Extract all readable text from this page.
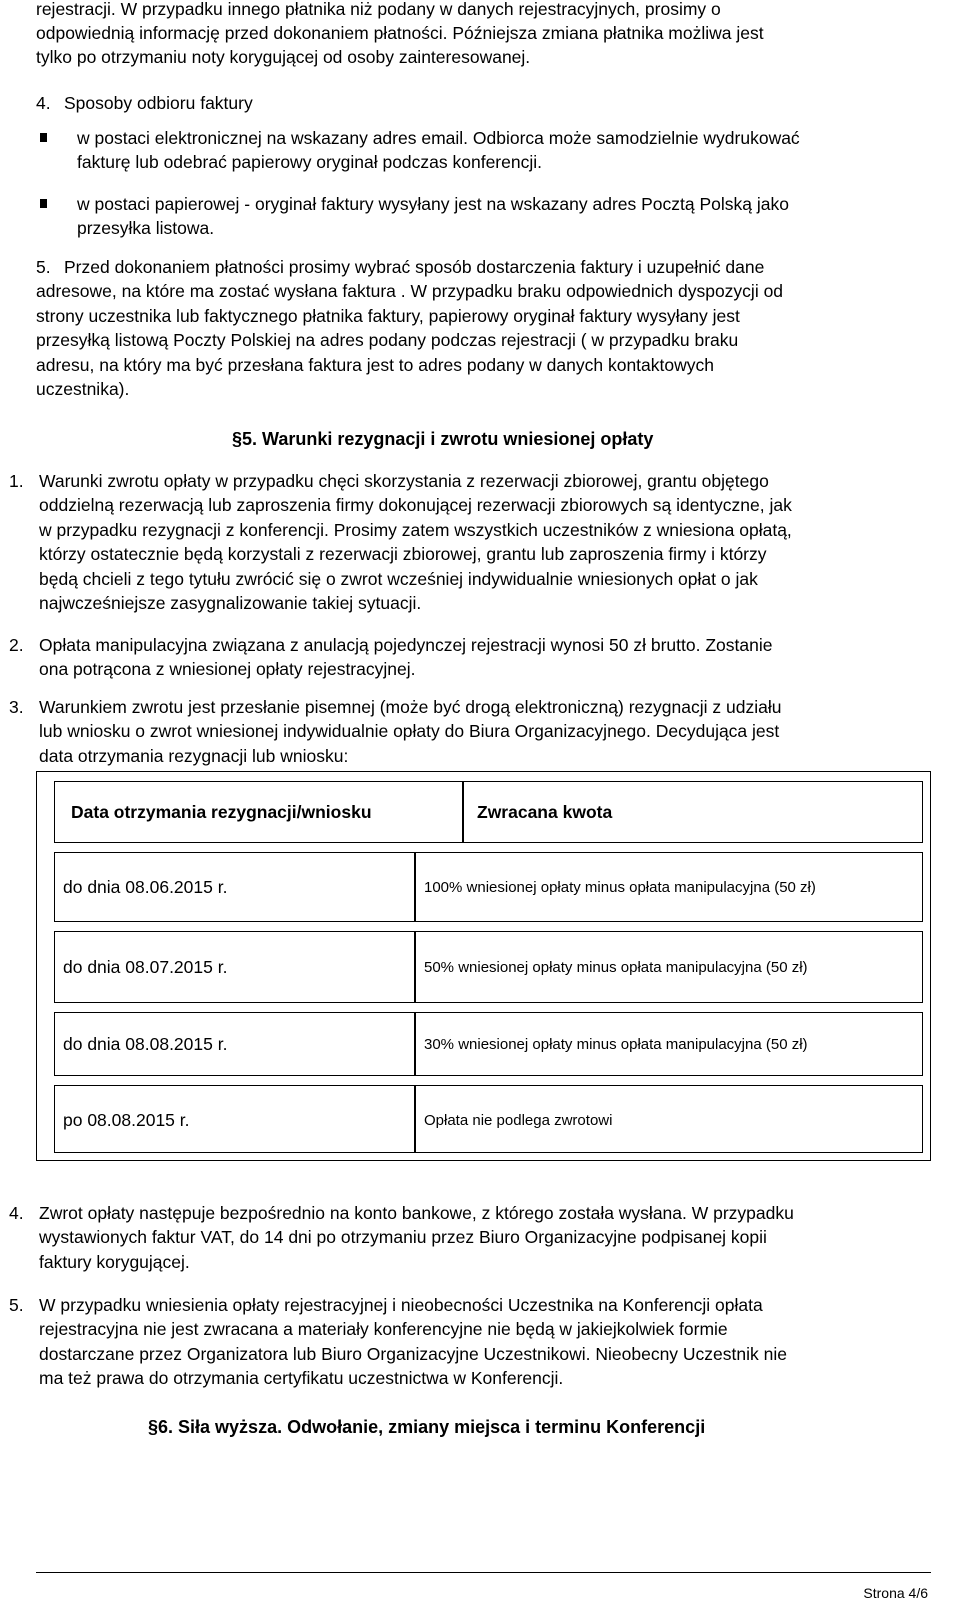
rejestracji. W przypadku innego płatnika niż podany w danych rejestracyjnych, prosimy o
odpowiednią informację przed dokonaniem płatności. Późniejsza zmiana płatnika możliwa jest
tylko po otrzymaniu noty korygującej od osoby zainteresowanej.
4. Sposoby odbioru faktury
w postaci elektronicznej na wskazany adres email. Odbiorca może samodzielnie wydrukować
fakturę lub odebrać papierowy oryginał podczas konferencji.
w postaci papierowej - oryginał faktury wysyłany jest na wskazany adres Pocztą Polską jako
przesyłka listowa.
5. Przed dokonaniem płatności prosimy wybrać sposób dostarczenia faktury i uzupełnić dane
adresowe, na które ma zostać wysłana faktura . W przypadku braku odpowiednich dyspozycji od
strony uczestnika lub faktycznego płatnika faktury, papierowy oryginał faktury wysyłany jest
przesyłką listową Poczty Polskiej na adres podany podczas rejestracji ( w przypadku braku
adresu, na który ma być przesłana faktura jest to adres podany w danych kontaktowych
uczestnika).
§5. Warunki rezygnacji i zwrotu wniesionej opłaty
1. Warunki zwrotu opłaty w przypadku chęci skorzystania z rezerwacji zbiorowej, grantu objętego
oddzielną rezerwacją lub zaproszenia firmy dokonującej rezerwacji zbiorowych są identyczne, jak
w przypadku rezygnacji z konferencji. Prosimy zatem wszystkich uczestników z wniesiona opłatą,
którzy ostatecznie będą korzystali z rezerwacji zbiorowej, grantu lub zaproszenia firmy i którzy
będą chcieli z tego tytułu zwrócić się o zwrot wcześniej indywidualnie wniesionych opłat o jak
najwcześniejsze zasygnalizowanie takiej sytuacji.
2. Opłata manipulacyjna związana z anulacją pojedynczej rejestracji wynosi 50 zł brutto. Zostanie
ona potrącona z wniesionej opłaty rejestracyjnej.
3. Warunkiem zwrotu jest przesłanie pisemnej (może być drogą elektroniczną) rezygnacji z udziału
lub wniosku o zwrot wniesionej indywidualnie opłaty do Biura Organizacyjnego. Decydująca jest
data otrzymania rezygnacji lub wniosku:
Data otrzymania rezygnacji/wniosku	Zwracana kwota
do dnia 08.06.2015 r.	100% wniesionej opłaty minus opłata manipulacyjna (50 zł)
do dnia 08.07.2015 r.	50% wniesionej opłaty minus opłata manipulacyjna (50 zł)
do dnia 08.08.2015 r.	30% wniesionej opłaty minus opłata manipulacyjna (50 zł)
po 08.08.2015 r.	Opłata nie podlega zwrotowi
4. Zwrot opłaty następuje bezpośrednio na konto bankowe, z którego została wysłana. W przypadku
wystawionych faktur VAT, do 14 dni po otrzymaniu przez Biuro Organizacyjne podpisanej kopii
faktury korygującej.
5. W przypadku wniesienia opłaty rejestracyjnej i nieobecności Uczestnika na Konferencji opłata
rejestracyjna nie jest zwracana a materiały konferencyjne nie będą w jakiejkolwiek formie
dostarczane przez Organizatora lub Biuro Organizacyjne Uczestnikowi. Nieobecny Uczestnik nie
ma też prawa do otrzymania certyfikatu uczestnictwa w Konferencji.
§6. Siła wyższa. Odwołanie, zmiany miejsca i terminu Konferencji
Strona 4/6
